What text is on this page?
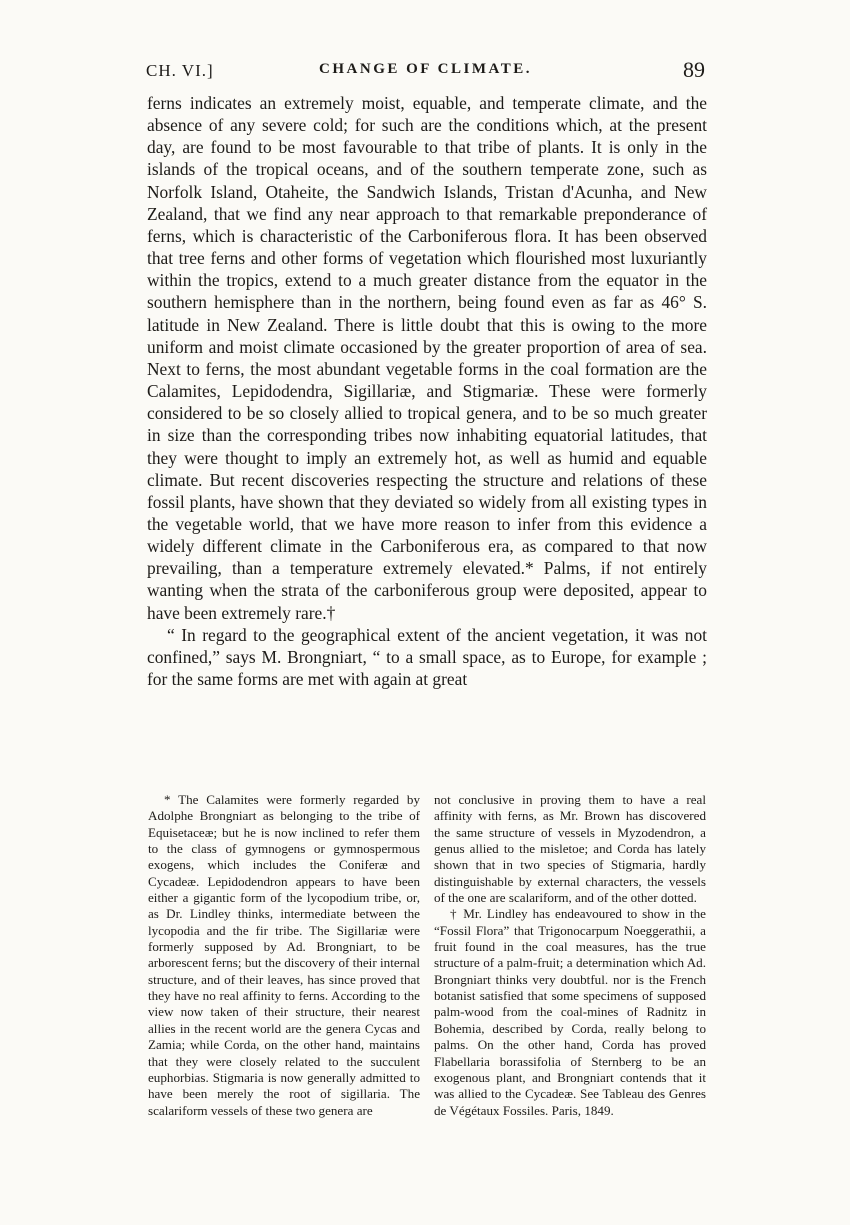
CH. VI.]	CHANGE OF CLIMATE.	89

ferns indicates an extremely moist, equable, and temperate climate, and the absence of any severe cold; for such are the conditions which, at the present day, are found to be most favourable to that tribe of plants. It is only in the islands of the tropical oceans, and of the southern temperate zone, such as Norfolk Island, Otaheite, the Sandwich Islands, Tristan d'Acunha, and New Zealand, that we find any near approach to that remarkable preponderance of ferns, which is characteristic of the Carboniferous flora. It has been observed that tree ferns and other forms of vegetation which flourished most luxuriantly within the tropics, extend to a much greater distance from the equator in the southern hemisphere than in the northern, being found even as far as 46° S. latitude in New Zealand. There is little doubt that this is owing to the more uniform and moist climate occasioned by the greater proportion of area of sea. Next to ferns, the most abundant vegetable forms in the coal formation are the Calamites, Lepidodendra, Sigillariæ, and Stigmariæ. These were formerly considered to be so closely allied to tropical genera, and to be so much greater in size than the corresponding tribes now inhabiting equatorial latitudes, that they were thought to imply an extremely hot, as well as humid and equable climate. But recent discoveries respecting the structure and relations of these fossil plants, have shown that they deviated so widely from all existing types in the vegetable world, that we have more reason to infer from this evidence a widely different climate in the Carboniferous era, as compared to that now prevailing, than a temperature extremely elevated.* Palms, if not entirely wanting when the strata of the carboniferous group were deposited, appear to have been extremely rare.†

“ In regard to the geographical extent of the ancient vegetation, it was not confined,” says M. Brongniart, “ to a small space, as to Europe, for example ; for the same forms are met with again at great

* The Calamites were formerly regarded by Adolphe Brongniart as belonging to the tribe of Equisetaceæ; but he is now inclined to refer them to the class of gymnogens or gymnospermous exogens, which includes the Coniferæ and Cycadeæ. Lepidodendron appears to have been either a gigantic form of the lycopodium tribe, or, as Dr. Lindley thinks, intermediate between the lycopodia and the fir tribe. The Sigillariæ were formerly supposed by Ad. Brongniart, to be arborescent ferns; but the discovery of their internal structure, and of their leaves, has since proved that they have no real affinity to ferns. According to the view now taken of their structure, their nearest allies in the recent world are the genera Cycas and Zamia; while Corda, on the other hand, maintains that they were closely related to the succulent euphorbias. Stigmaria is now generally admitted to have been merely the root of sigillaria. The scalariform vessels of these two genera are

not conclusive in proving them to have a real affinity with ferns, as Mr. Brown has discovered the same structure of vessels in Myzodendron, a genus allied to the misletoe; and Corda has lately shown that in two species of Stigmaria, hardly distinguishable by external characters, the vessels of the one are scalariform, and of the other dotted.

† Mr. Lindley has endeavoured to show in the “Fossil Flora” that Trigonocarpum Noeggerathii, a fruit found in the coal measures, has the true structure of a palm-fruit; a determination which Ad. Brongniart thinks very doubtful. nor is the French botanist satisfied that some specimens of supposed palm-wood from the coal-mines of Radnitz in Bohemia, described by Corda, really belong to palms. On the other hand, Corda has proved Flabellaria borassifolia of Sternberg to be an exogenous plant, and Brongniart contends that it was allied to the Cycadeæ. See Tableau des Genres de Végétaux Fossiles. Paris, 1849.
